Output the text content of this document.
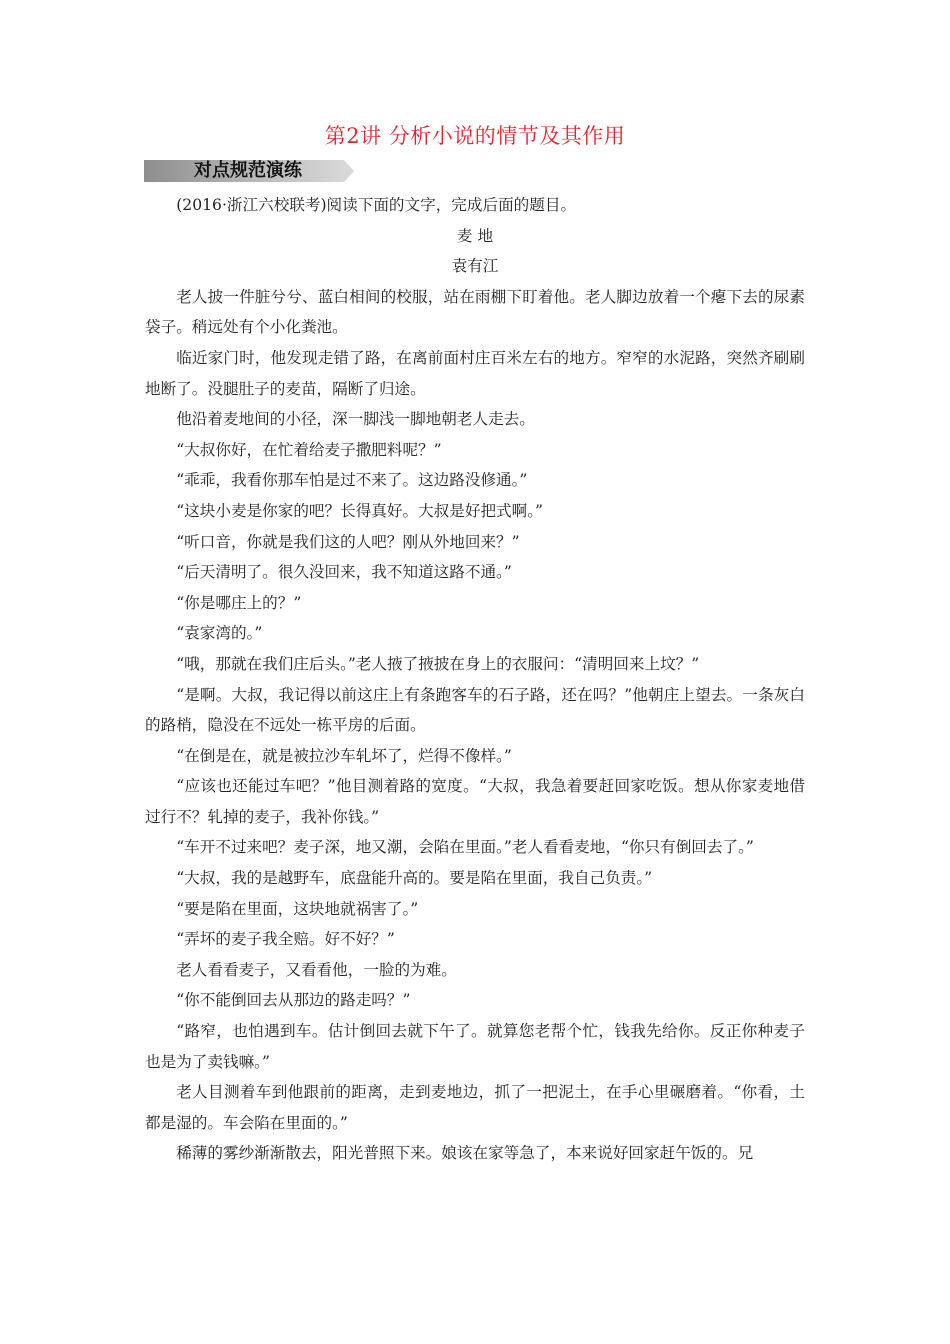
第2讲 分析小说的情节及其作用
对点规范演练

(2016·浙江六校联考)阅读下面的文字，完成后面的题目。

麦 地

袁有江

老人披一件脏兮兮、蓝白相间的校服，站在雨棚下盯着他。老人脚边放着一个瘪下去的尿素袋子。稍远处有个小化粪池。

临近家门时，他发现走错了路，在离前面村庄百米左右的地方。窄窄的水泥路，突然齐刷刷地断了。没腿肚子的麦苗，隔断了归途。

他沿着麦地间的小径，深一脚浅一脚地朝老人走去。

“大叔你好，在忙着给麦子撒肥料呢？”

“乖乖，我看你那车怕是过不来了。这边路没修通。”

“这块小麦是你家的吧？长得真好。大叔是好把式啊。”

“听口音，你就是我们这的人吧？刚从外地回来？”

“后天清明了。很久没回来，我不知道这路不通。”

“你是哪庄上的？”

“袁家湾的。”

“哦，那就在我们庄后头。”老人掖了掖披在身上的衣服问：“清明回来上坟？”

“是啊。大叔，我记得以前这庄上有条跑客车的石子路，还在吗？”他朝庄上望去。一条灰白的路梢，隐没在不远处一栋平房的后面。

“在倒是在，就是被拉沙车轧坏了，烂得不像样。”

“应该也还能过车吧？”他目测着路的宽度。“大叔，我急着要赶回家吃饭。想从你家麦地借过行不？轧掉的麦子，我补你钱。”

“车开不过来吧？麦子深，地又潮，会陷在里面。”老人看看麦地，“你只有倒回去了。”

“大叔，我的是越野车，底盘能升高的。要是陷在里面，我自己负责。”

“要是陷在里面，这块地就祸害了。”

“弄坏的麦子我全赔。好不好？”

老人看看麦子，又看看他，一脸的为难。

“你不能倒回去从那边的路走吗？”

“路窄，也怕遇到车。估计倒回去就下午了。就算您老帮个忙，钱我先给你。反正你种麦子也是为了卖钱嘛。”

老人目测着车到他跟前的距离，走到麦地边，抓了一把泥土，在手心里碾磨着。“你看，土都是湿的。车会陷在里面的。”

稀薄的雾纱渐渐散去，阳光普照下来。娘该在家等急了，本来说好回家赶午饭的。兄
